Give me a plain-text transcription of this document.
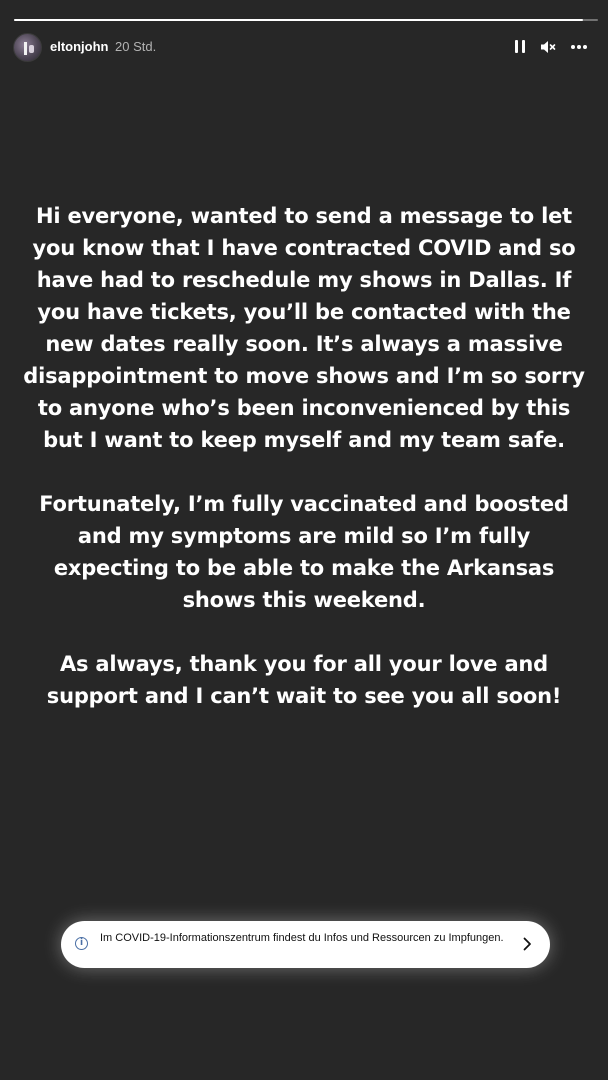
eltonjohn 20 Std.

Hi everyone, wanted to send a message to let you know that I have contracted COVID and so have had to reschedule my shows in Dallas. If you have tickets, you’ll be contacted with the new dates really soon. It’s always a massive disappointment to move shows and I’m so sorry to anyone who’s been inconvenienced by this but I want to keep myself and my team safe.

Fortunately, I’m fully vaccinated and boosted and my symptoms are mild so I’m fully expecting to be able to make the Arkansas shows this weekend.

As always, thank you for all your love and support and I can’t wait to see you all soon!

i	Im COVID-19-Informationszentrum findest du Infos und Ressourcen zu Impfungen.
